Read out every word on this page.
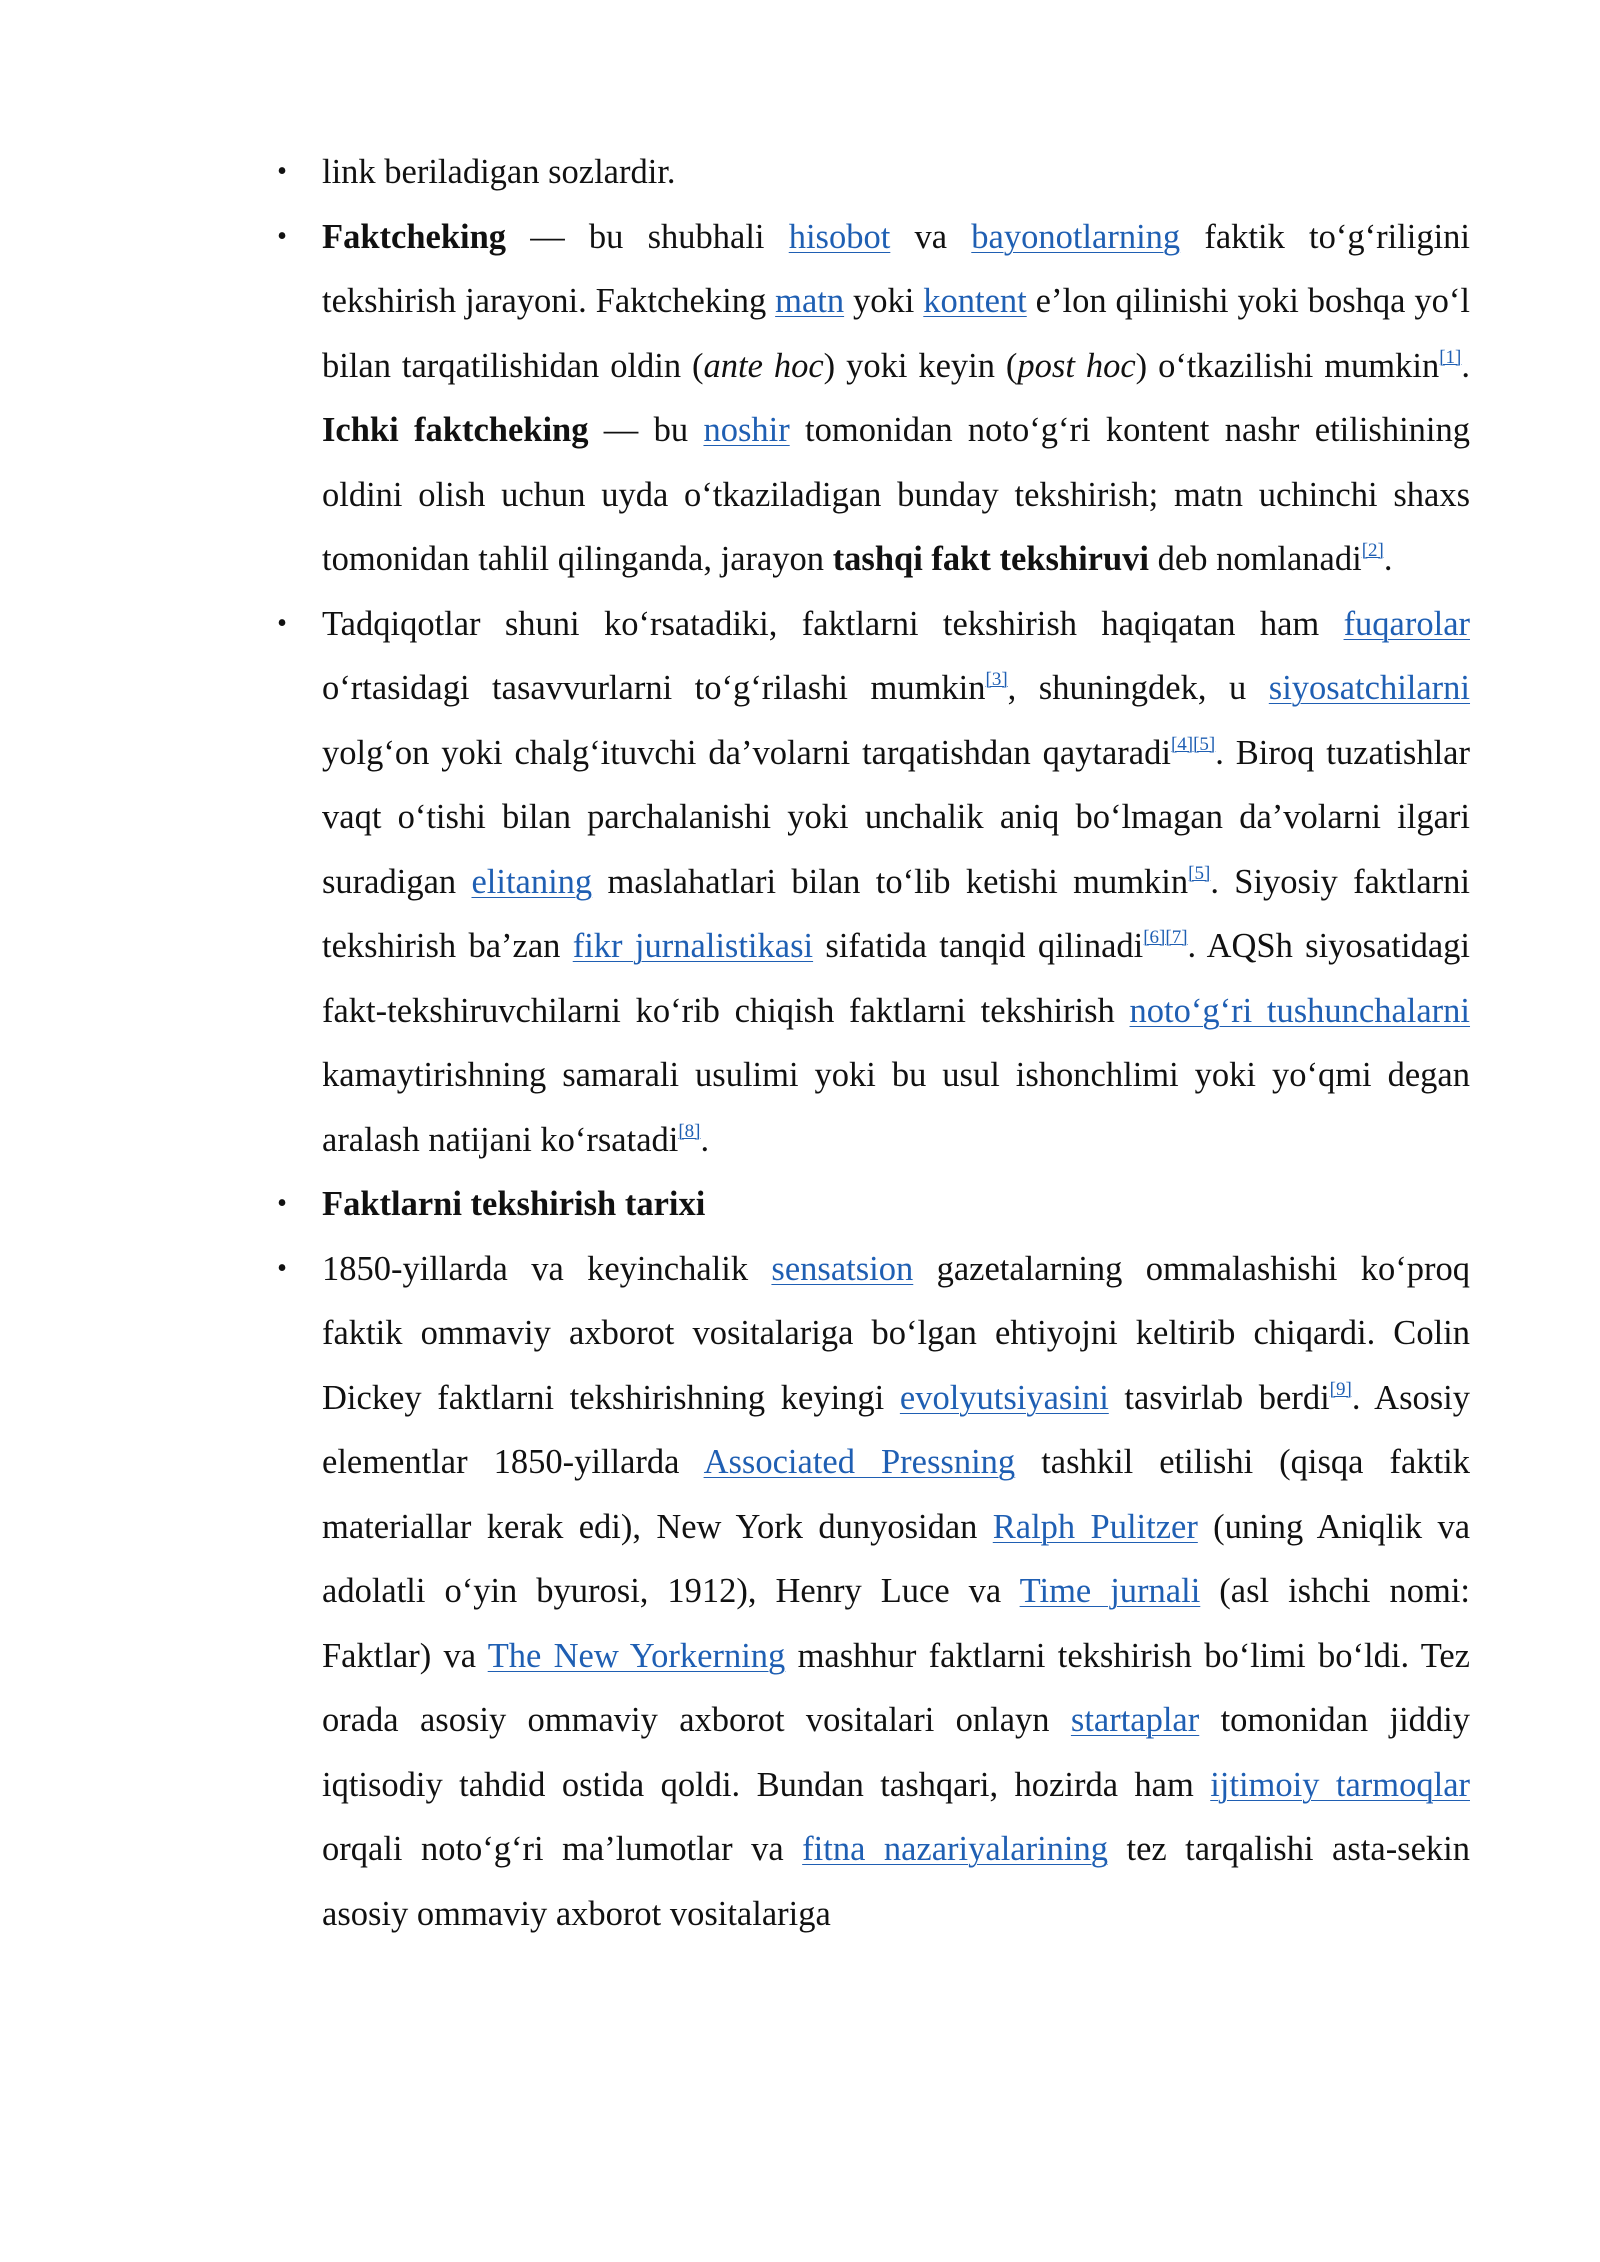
• link beriladigan sozlardir.
• Faktcheking — bu shubhali hisobot va bayonotlarning faktik to‘g‘riligini tekshirish jarayoni. Faktcheking matn yoki kontent e’lon qilinishi yoki boshqa yo‘l bilan tarqatilishidan oldin (ante hoc) yoki keyin (post hoc) o‘tkazilishi mumkin[1]. Ichki faktcheking — bu noshir tomonidan noto‘g‘ri kontent nashr etilishining oldini olish uchun uyda o‘tkaziladigan bunday tekshirish; matn uchinchi shaxs tomonidan tahlil qilinganda, jarayon tashqi fakt tekshiruvi deb nomlanadi[2].
• Tadqiqotlar shuni ko‘rsatadiki, faktlarni tekshirish haqiqatan ham fuqarolar o‘rtasidagi tasavvurlarni to‘g‘rilashi mumkin[3], shuningdek, u siyosatchilarni yolg‘on yoki chalg‘ituvchi da’volarni tarqatishdan qaytaradi[4][5]. Biroq tuzatishlar vaqt o‘tishi bilan parchalanishi yoki unchalik aniq bo‘lmagan da’volarni ilgari suradigan elitaning maslahatlari bilan to‘lib ketishi mumkin[5]. Siyosiy faktlarni tekshirish ba’zan fikr jurnalistikasi sifatida tanqid qilinadi[6][7]. AQSh siyosatidagi fakt-tekshiruvchilarni ko‘rib chiqish faktlarni tekshirish noto‘g‘ri tushunchalarni kamaytirishning samarali usulimi yoki bu usul ishonchlimi yoki yo‘qmi degan aralash natijani ko‘rsatadi[8].
• Faktlarni tekshirish tarixi
• 1850-yillarda va keyinchalik sensatsion gazetalarning ommalashishi ko‘proq faktik ommaviy axborot vositalariga bo‘lgan ehtiyojni keltirib chiqardi. Colin Dickey faktlarni tekshirishning keyingi evolyutsiyasini tasvirlab berdi[9]. Asosiy elementlar 1850-yillarda Associated Pressning tashkil etilishi (qisqa faktik materiallar kerak edi), New York dunyosidan Ralph Pulitzer (uning Aniqlik va adolatli o‘yin byurosi, 1912), Henry Luce va Time jurnali (asl ishchi nomi: Faktlar) va The New Yorkerning mashhur faktlarni tekshirish bo‘limi bo‘ldi. Tez orada asosiy ommaviy axborot vositalari onlayn startaplar tomonidan jiddiy iqtisodiy tahdid ostida qoldi. Bundan tashqari, hozirda ham ijtimoiy tarmoqlar orqali noto‘g‘ri ma’lumotlar va fitna nazariyalarining tez tarqalishi asta-sekin asosiy ommaviy axborot vositalariga
